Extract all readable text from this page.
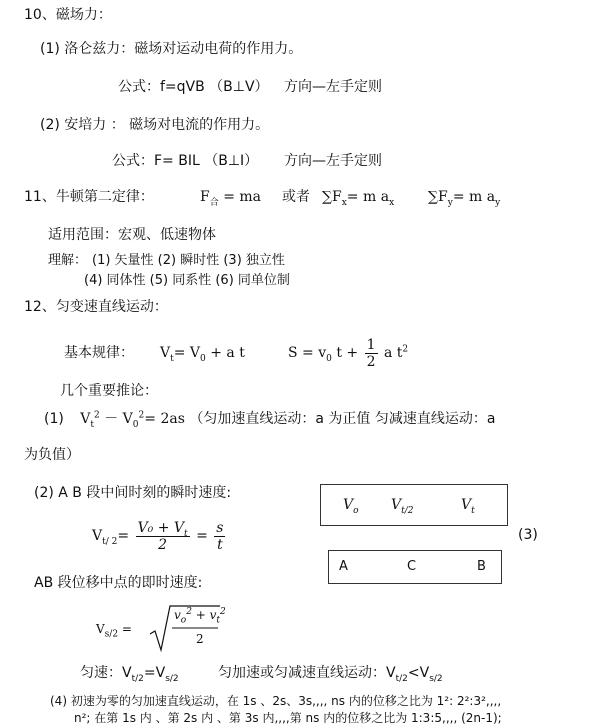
10、磁场力：
(1) 洛仑兹力：磁场对运动电荷的作用力。
公式：f=qVB （B⊥V） 方向—左手定则
(2) 安培力 ： 磁场对电流的作用力。
公式：F= BIL （B⊥I） 方向—左手定则
11、牛顿第二定律：	$F_合$ = ma 或者 $\sum F_x= m$ $a_x$ $\sum F_y= m$ $a_y$
适用范围：宏观、低速物体
理解： (1) 矢量性 (2) 瞬时性 (3) 独立性
(4) 同体性 (5) 同系性 (6) 同单位制
12、匀变速直线运动：
基本规律： $V_t= V_0 + a$ t	$S = v_0$ $t + \frac{1}{2}$ a $t^2$
几个重要推论：
(1) $V_t^2 - V_0^2= 2as$ （匀加速直线运动：a 为正值 匀减速直线运动：a
为负值）
(2) A B 段中间时刻的瞬时速度:
$V_o$ $V_{t/2}$	$V_t$
$V_{t/ 2}= \frac{V_0 + V_t}{2} = \frac{s}{t}$	(3)
A	C	B
AB 段位移中点的即时速度:
$V_{s/2}$ =
$v_o^2 + v_t^2$
2
匀速：$V_{t/2}=V_{s/2}$	匀加速或匀减速直线运动：$V_{t/2}<V_{s/2}$
(4) 初速为零的匀加速直线运动，在 1s 、2s、3s,,,, ns 内的位移之比为 1²: 2²:3²,,,,
n²; 在第 1s 内 、第 2s 内 、第 3s 内,,,,第 ns 内的位移之比为 1:3:5,,,, (2n-1);
